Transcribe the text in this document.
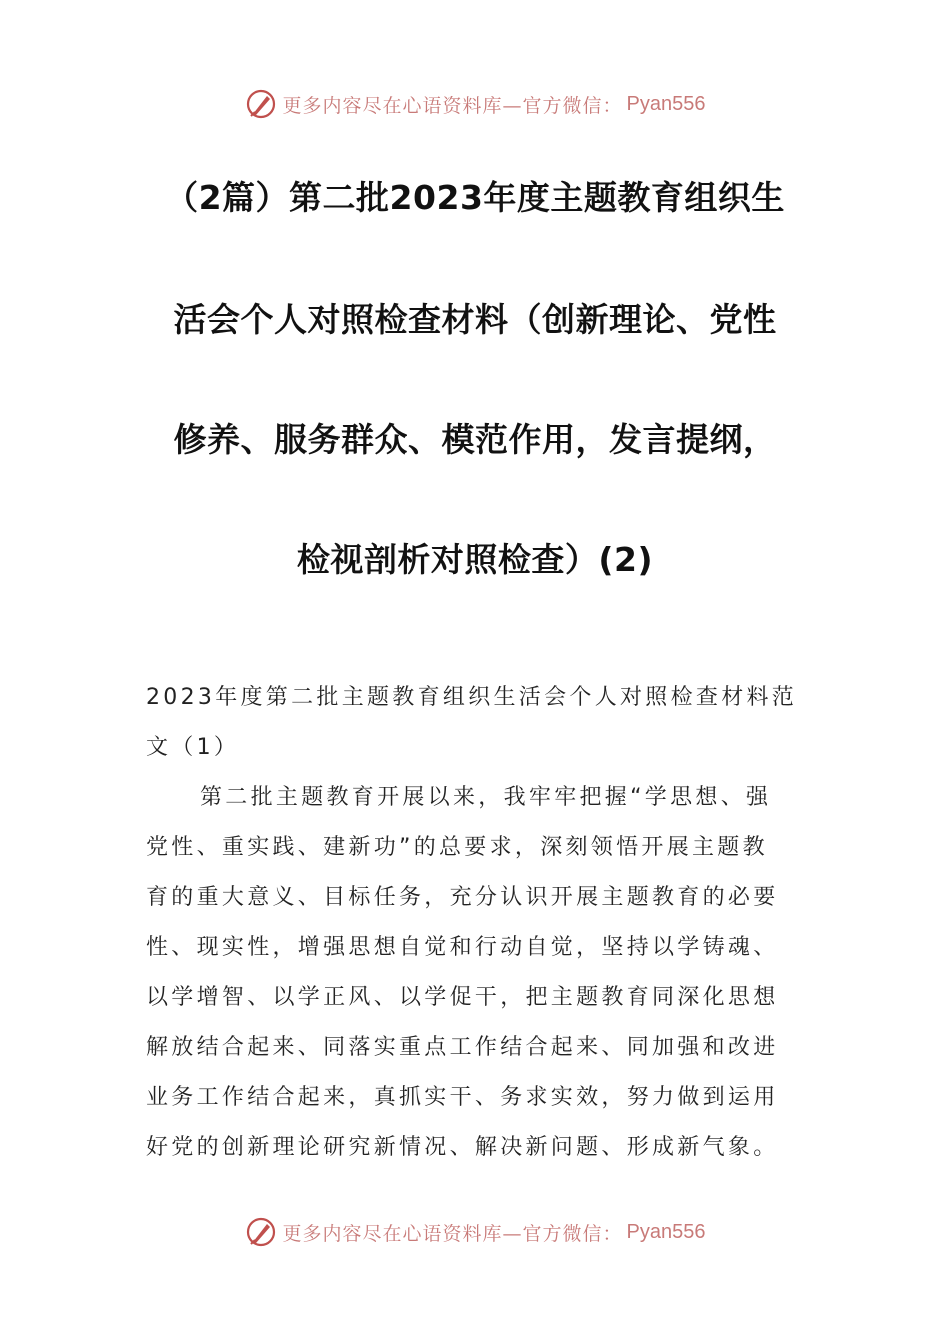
更多内容尽在心语资料库—官方微信： Pyan556
（2篇）第二批2023年度主题教育组织生
活会个人对照检查材料（创新理论、党性
修养、服务群众、模范作用，发言提纲，
检视剖析对照检查）(2)
2023年度第二批主题教育组织生活会个人对照检查材料范
文（1）
第二批主题教育开展以来，我牢牢把握“学思想、强
党性、重实践、建新功”的总要求，深刻领悟开展主题教
育的重大意义、目标任务，充分认识开展主题教育的必要
性、现实性，增强思想自觉和行动自觉，坚持以学铸魂、
以学增智、以学正风、以学促干，把主题教育同深化思想
解放结合起来、同落实重点工作结合起来、同加强和改进
业务工作结合起来，真抓实干、务求实效，努力做到运用
好党的创新理论研究新情况、解决新问题、形成新气象。
更多内容尽在心语资料库—官方微信： Pyan556
